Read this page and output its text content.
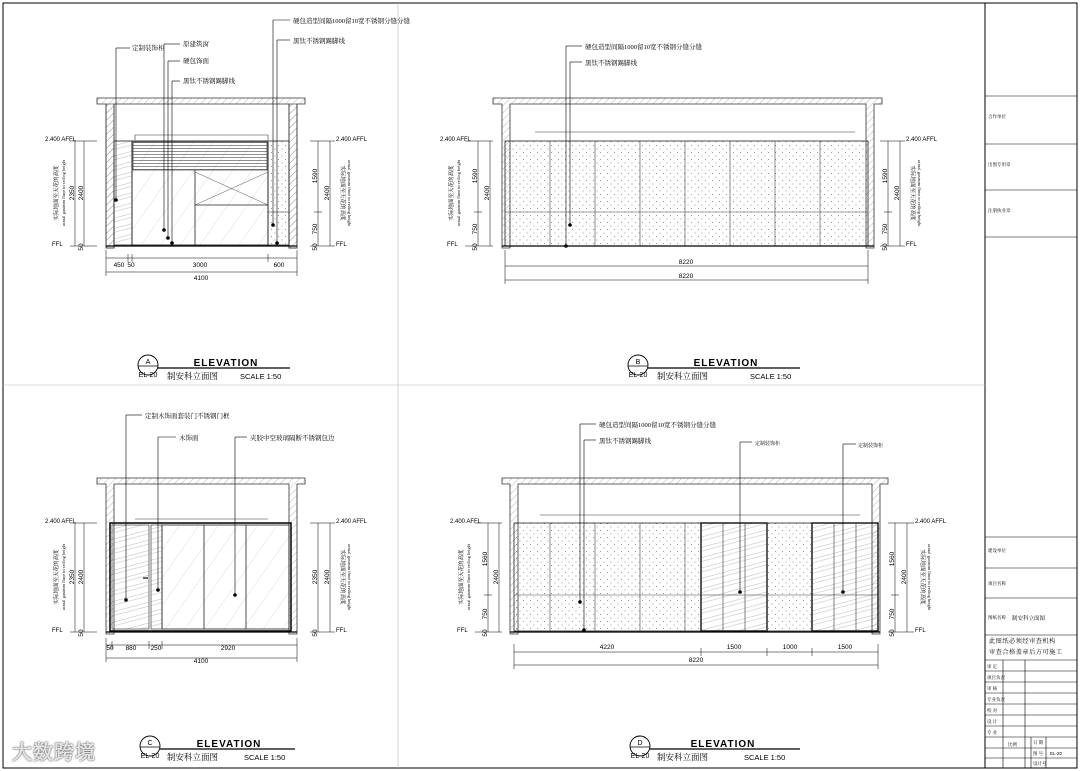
2.400 AFFL	2.400 AFFL
FFL	FFL
2.400 AFFL	2.400 AFFL
FFL	FFL
2.400 AFFL	2.400 AFFL
FFL	FFL
2.400 AFFL	2.400 AFFL
FFL	FFL
定制装饰柜
原建筑窗
硬包饰面
黑钛不锈钢踢脚线
硬包造型间隔1000留10宽不锈钢分缝分缝
黑钛不锈钢踢脚线
硬包造型间隔1000留10宽不锈钢分缝分缝
黑钛不锈钢踢脚线
定制木饰面套装门不锈钢门框
木饰面	夹胶中空玻璃隔断不锈钢包边
硬包造型间隔1000留10宽不锈钢分缝分缝
黑钛不锈钢踢脚线	定制装饰柜	定制装饰柜
450 50	3000	600
4100
8220
8220
50 880 250	2920
4100
4220	1500	1000	1500
8220
2350 2400
50
1590
2400
750
50
1590
2400
750
50
1590
2400
750
50
2350 2400
50
2350 2400
50
1560
2400
750
50
1560
2400
750
50
实际地面至天花的高度 actual gastrom floor to ceiling height	实际地面至天花的高度 actual gastrom floor to ceiling height	实际地面至天花的高度 actual gastrom floor to ceiling height	实际地面至天花的高度 actual gastrom floor to ceiling height
实际地面至天花的高度 actual gastrom floor to ceiling height	实际地面至天花的高度 actual gastrom floor to ceiling height	实际地面至天花的高度 actual gastrom floor to ceiling height	实际地面至天花的高度 actual gastrom floor to ceiling height
A
EL-20
ELEVATION
制安科立面图	SCALE 1:50
B
EL-20
ELEVATION
制安科立面图	SCALE 1:50
C
EL-20
ELEVATION
制安科立面图	SCALE 1:50
D
EL-20
ELEVATION
制安科立面图	SCALE 1:50
合作单位
出图专用章
注册执业章
建设单位
项目名称
图纸名称 制安科立面图
此图纸必须经审查机构
审查合格盖章后方可施工
审 定
项目负责
审 核
专业负责
校 对
设 计
专 业
比例	日 期
图 号 EL-20
设计号
大数跨境
